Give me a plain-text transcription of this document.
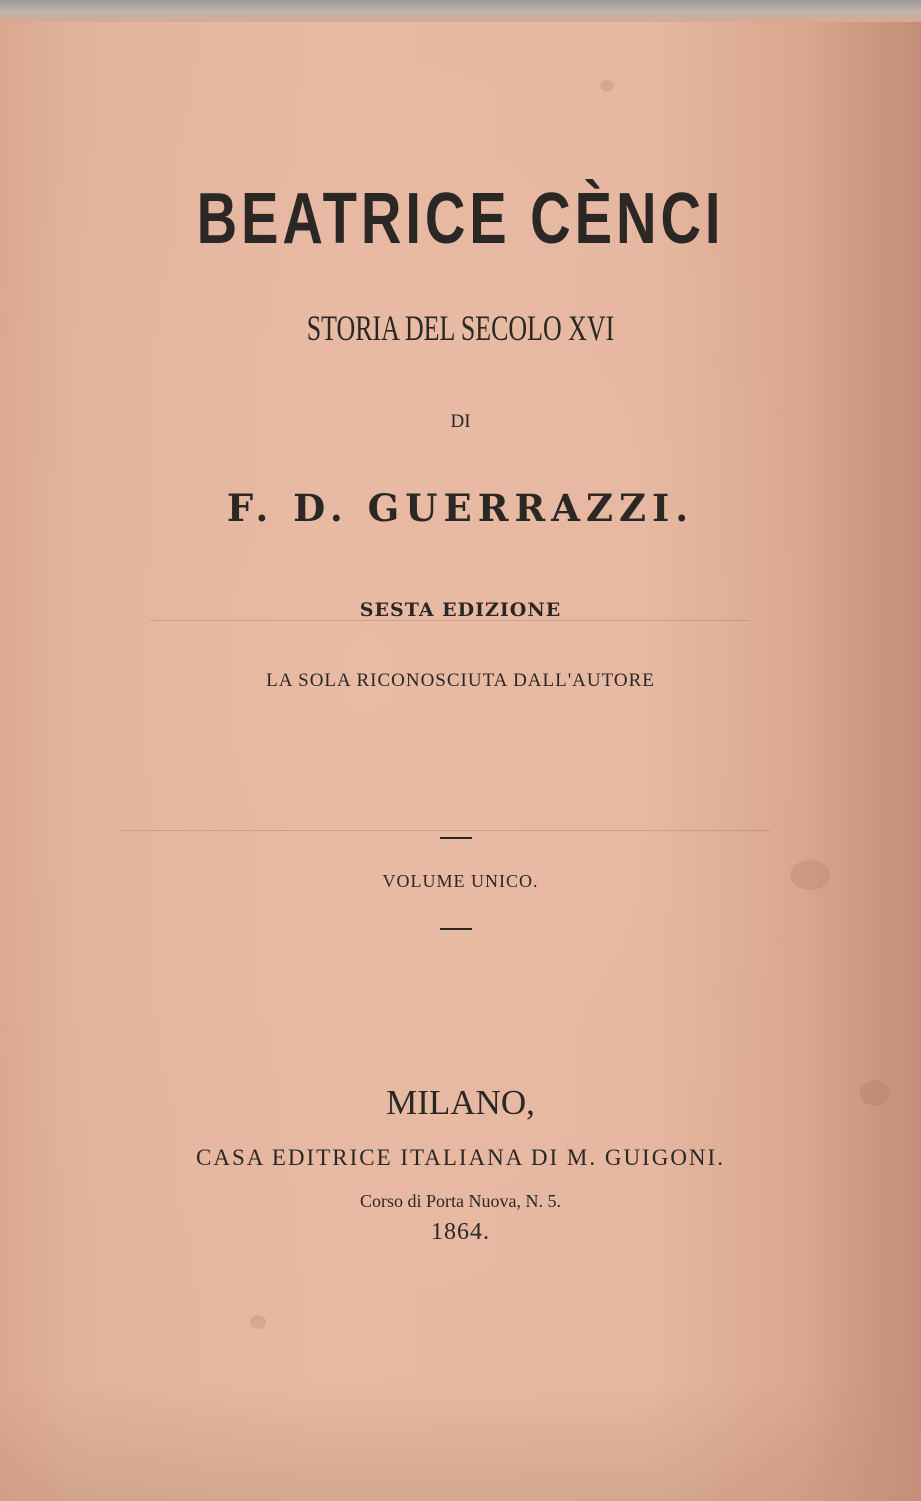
BEATRICE CÈNCI
STORIA DEL SECOLO XVI
DI
F. D. GUERRAZZI.
SESTA EDIZIONE
LA SOLA RICONOSCIUTA DALL'AUTORE
VOLUME UNICO.
MILANO,
CASA EDITRICE ITALIANA DI M. GUIGONI.
Corso di Porta Nuova, N. 5.
1864.
